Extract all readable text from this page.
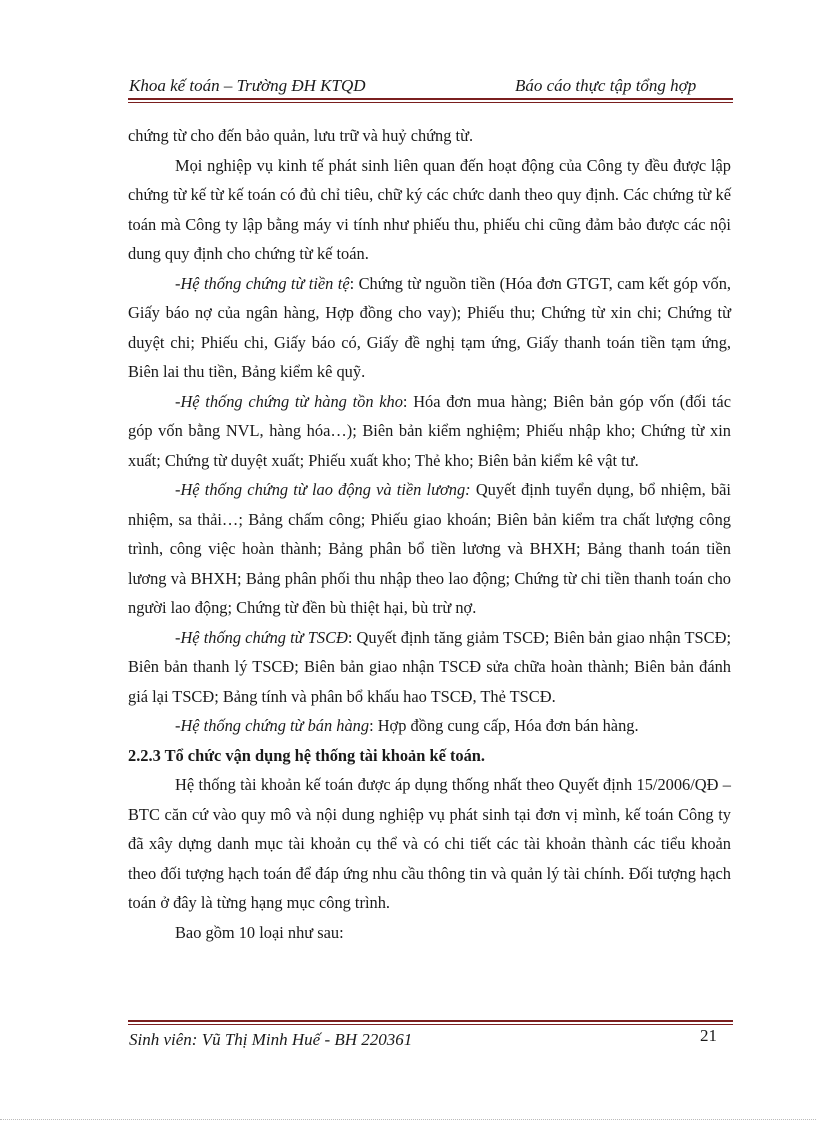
Khoa kế toán – Trường ĐH KTQD	Báo cáo thực tập tổng hợp

chứng từ cho đến bảo quản, lưu trữ và huỷ chứng từ.

Mọi nghiệp vụ kinh tế phát sinh liên quan đến hoạt động của Công ty đều được lập chứng từ kế từ kế toán có đủ chỉ tiêu, chữ ký các chức danh theo quy định. Các chứng từ kế toán mà Công ty lập bằng máy vi tính như phiếu thu, phiếu chi cũng đảm bảo được các nội dung quy định cho chứng từ kế toán.

-Hệ thống chứng từ tiền tệ: Chứng từ nguồn tiền (Hóa đơn GTGT, cam kết góp vốn, Giấy báo nợ của ngân hàng, Hợp đồng cho vay); Phiếu thu; Chứng từ xin chi; Chứng từ duyệt chi; Phiếu chi, Giấy báo có, Giấy đề nghị tạm ứng, Giấy thanh toán tiền tạm ứng, Biên lai thu tiền, Bảng kiểm kê quỹ.

-Hệ thống chứng từ hàng tồn kho: Hóa đơn mua hàng; Biên bản góp vốn (đối tác góp vốn bằng NVL, hàng hóa…); Biên bản kiểm nghiệm; Phiếu nhập kho; Chứng từ xin xuất; Chứng từ duyệt xuất; Phiếu xuất kho; Thẻ kho; Biên bản kiểm kê vật tư.

-Hệ thống chứng từ lao động và tiền lương: Quyết định tuyển dụng, bổ nhiệm, bãi nhiệm, sa thải…; Bảng chấm công; Phiếu giao khoán; Biên bản kiểm tra chất lượng công trình, công việc hoàn thành; Bảng phân bổ tiền lương và BHXH; Bảng thanh toán tiền lương và BHXH; Bảng phân phối thu nhập theo lao động; Chứng từ chi tiền thanh toán cho người lao động; Chứng từ đền bù thiệt hại, bù trừ nợ.

-Hệ thống chứng từ TSCĐ: Quyết định tăng giảm TSCĐ; Biên bản giao nhận TSCĐ; Biên bản thanh lý TSCĐ; Biên bản giao nhận TSCĐ sửa chữa hoàn thành; Biên bản đánh giá lại TSCĐ; Bảng tính và phân bổ khấu hao TSCĐ, Thẻ TSCĐ.

-Hệ thống chứng từ bán hàng: Hợp đồng cung cấp, Hóa đơn bán hàng.

2.2.3 Tổ chức vận dụng hệ thống tài khoản kế toán.

Hệ thống tài khoản kế toán được áp dụng thống nhất theo Quyết định 15/2006/QĐ – BTC căn cứ vào quy mô và nội dung nghiệp vụ phát sinh tại đơn vị mình, kế toán Công ty đã xây dựng danh mục tài khoản cụ thể và có chi tiết các tài khoản thành các tiểu khoản theo đối tượng hạch toán để đáp ứng nhu cầu thông tin và quản lý tài chính. Đối tượng hạch toán ở đây là từng hạng mục công trình.

Bao gồm 10 loại như sau:

Sinh viên: Vũ Thị Minh Huế - BH 220361	21
